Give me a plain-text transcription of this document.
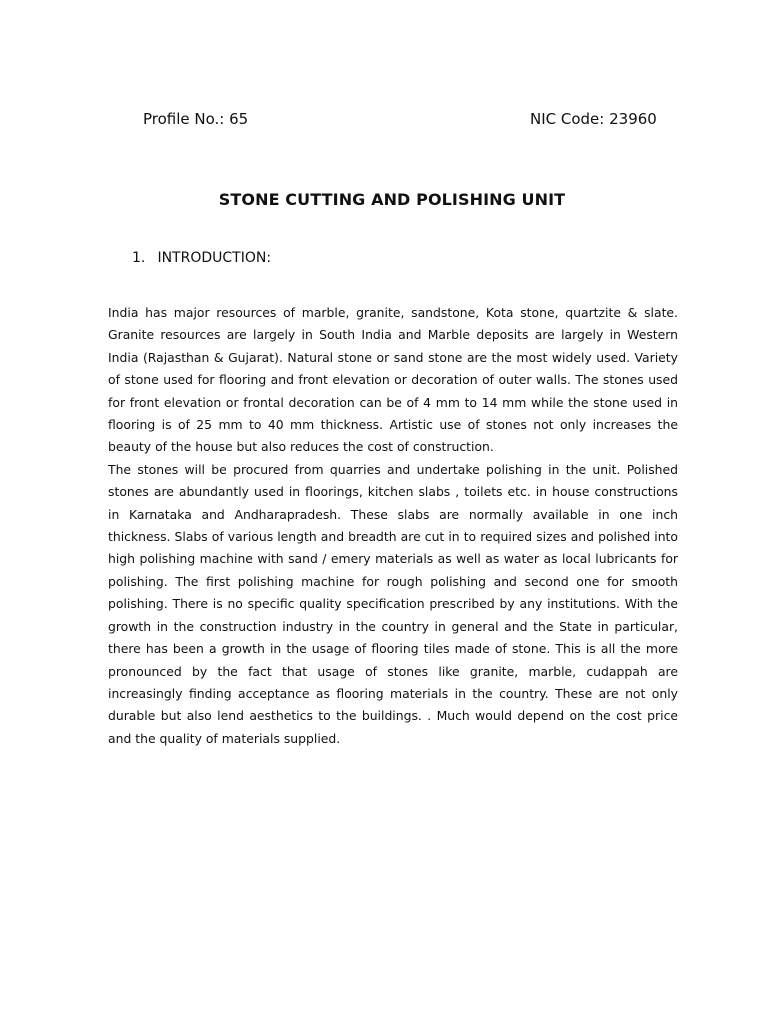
Profile No.: 65	NIC Code: 23960
STONE CUTTING AND POLISHING UNIT
1. INTRODUCTION:

India has major resources of marble, granite, sandstone, Kota stone, quartzite & slate. Granite resources are largely in South India and Marble deposits are largely in Western India (Rajasthan & Gujarat). Natural stone or sand stone are the most widely used. Variety of stone used for flooring and front elevation or decoration of outer walls. The stones used for front elevation or frontal decoration can be of 4 mm to 14 mm while the stone used in flooring is of 25 mm to 40 mm thickness. Artistic use of stones not only increases the beauty of the house but also reduces the cost of construction.

The stones will be procured from quarries and undertake polishing in the unit. Polished stones are abundantly used in floorings, kitchen slabs , toilets etc. in house constructions in Karnataka and Andharapradesh. These slabs are normally available in one inch thickness. Slabs of various length and breadth are cut in to required sizes and polished into high polishing machine with sand / emery materials as well as water as local lubricants for polishing. The first polishing machine for rough polishing and second one for smooth polishing. There is no specific quality specification prescribed by any institutions. With the growth in the construction industry in the country in general and the State in particular, there has been a growth in the usage of flooring tiles made of stone. This is all the more pronounced by the fact that usage of stones like granite, marble, cudappah are increasingly finding acceptance as flooring materials in the country. These are not only durable but also lend aesthetics to the buildings. . Much would depend on the cost price and the quality of materials supplied.
